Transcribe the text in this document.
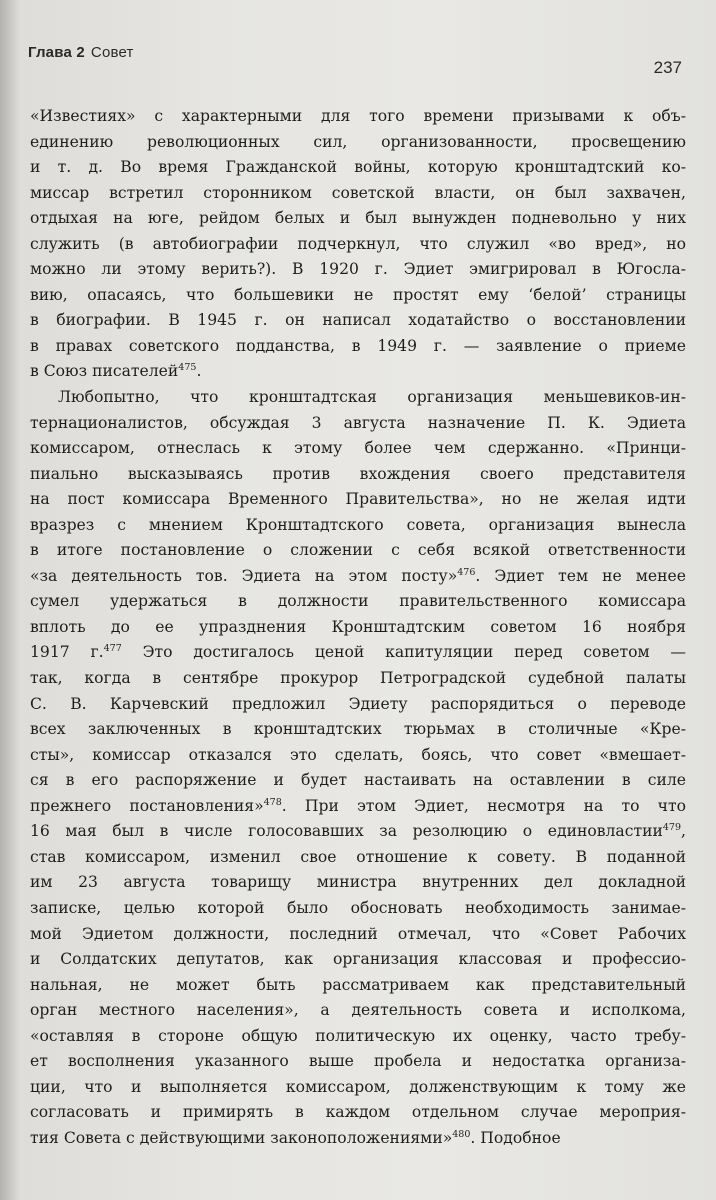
Глава 2 Совет
237
«Известиях» с характерными для того времени призывами к объ-
единению революционных сил, организованности, просвещению
и т. д. Во время Гражданской войны, которую кронштадтский ко-
миссар встретил сторонником советской власти, он был захвачен,
отдыхая на юге, рейдом белых и был вынужден подневольно у них
служить (в автобиографии подчеркнул, что служил «во вред», но
можно ли этому верить?). В 1920 г. Эдиет эмигрировал в Югосла-
вию, опасаясь, что большевики не простят ему ‘белой’ страницы
в биографии. В 1945 г. он написал ходатайство о восстановлении
в правах советского подданства, в 1949 г. — заявление о приеме
в Союз писателей$^{475}$.
Любопытно, что кронштадтская организация меньшевиков-ин-
тернационалистов, обсуждая 3 августа назначение П. К. Эдиета
комиссаром, отнеслась к этому более чем сдержанно. «Принци-
пиально высказываясь против вхождения своего представителя
на пост комиссара Временного Правительства», но не желая идти
вразрез с мнением Кронштадтского совета, организация вынесла
в итоге постановление о сложении с себя всякой ответственности
«за деятельность тов. Эдиета на этом посту»$^{476}$. Эдиет тем не менее
сумел удержаться в должности правительственного комиссара
вплоть до ее упразднения Кронштадтским советом 16 ноября
1917 г.$^{477}$ Это достигалось ценой капитуляции перед советом —
так, когда в сентябре прокурор Петроградской судебной палаты
С. В. Карчевский предложил Эдиету распорядиться о переводе
всех заключенных в кронштадтских тюрьмах в столичные «Кре-
сты», комиссар отказался это сделать, боясь, что совет «вмешает-
ся в его распоряжение и будет настаивать на оставлении в силе
прежнего постановления»$^{478}$. При этом Эдиет, несмотря на то что
16 мая был в числе голосовавших за резолюцию о единовластии$^{479}$,
став комиссаром, изменил свое отношение к совету. В поданной
им 23 августа товарищу министра внутренних дел докладной
записке, целью которой было обосновать необходимость занимае-
мой Эдиетом должности, последний отмечал, что «Совет Рабочих
и Солдатских депутатов, как организация классовая и профессио-
нальная, не может быть рассматриваем как представительный
орган местного населения», а деятельность совета и исполкома,
«оставляя в стороне общую политическую их оценку, часто требу-
ет восполнения указанного выше пробела и недостатка организа-
ции, что и выполняется комиссаром, долженствующим к тому же
согласовать и примирять в каждом отдельном случае мероприя-
тия Совета с действующими законоположениями»$^{480}$. Подобное
